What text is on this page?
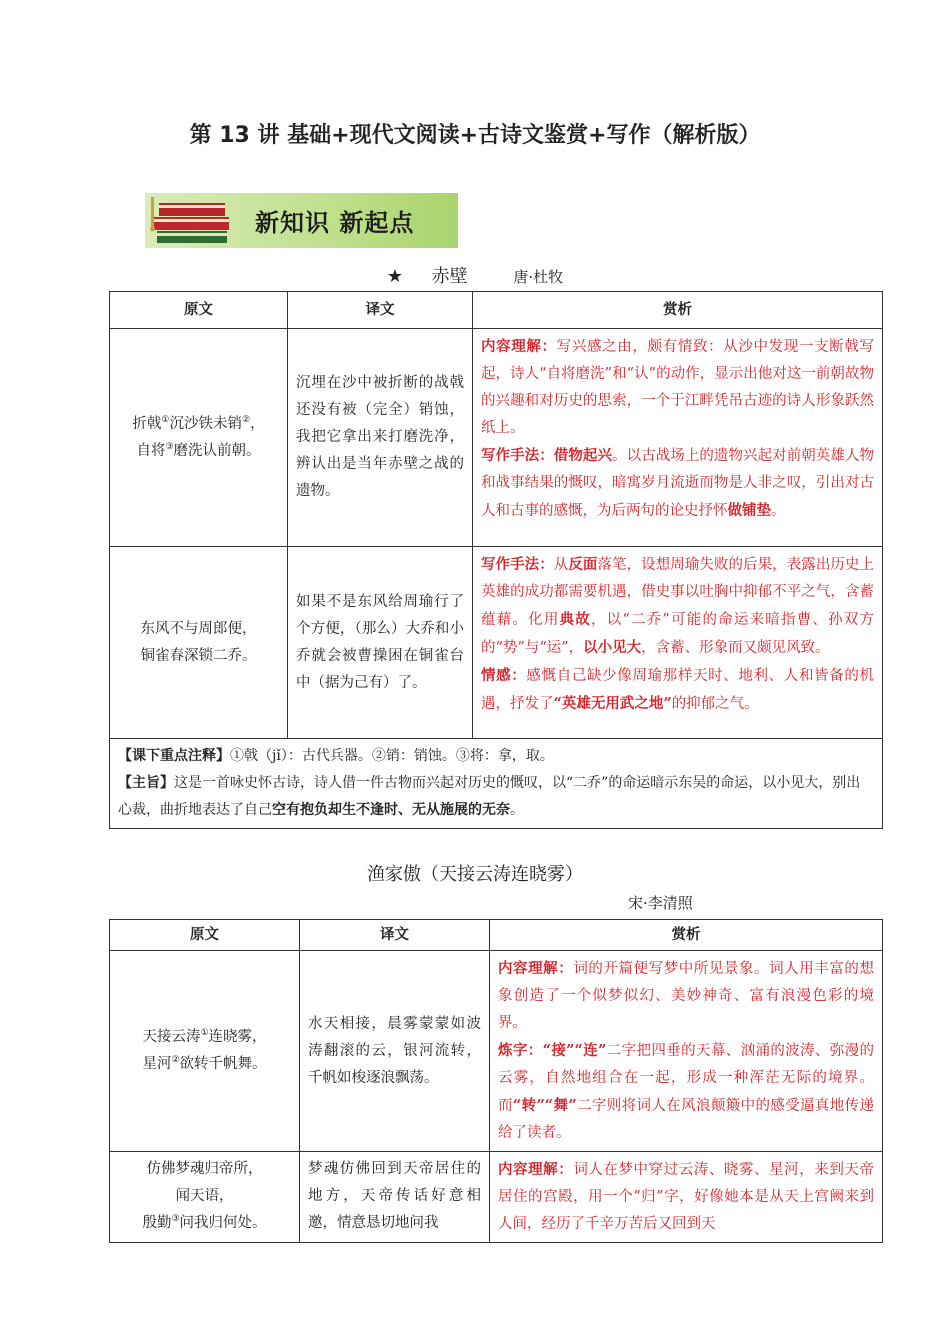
第 13 讲 基础+现代文阅读+古诗文鉴赏+写作（解析版）
新知识 新起点
★ 赤壁	唐·杜牧
原文	译文	赏析
折戟①沉沙铁未销②，
自将③磨洗认前朝。	沉埋在沙中被折断的战戟还没有被（完全）销蚀，我把它拿出来打磨洗净，辨认出是当年赤壁之战的遗物。	内容理解：写兴感之由，颇有情致：从沙中发现一支断戟写起，诗人“自将磨洗”和“认”的动作，显示出他对这一前朝故物的兴趣和对历史的思索，一个于江畔凭吊古迹的诗人形象跃然纸上。
写作手法：借物起兴。以古战场上的遗物兴起对前朝英雄人物和战事结果的慨叹，暗寓岁月流逝而物是人非之叹，引出对古人和古事的感慨，为后两句的论史抒怀做铺垫。
东风不与周郎便，
铜雀春深锁二乔。	如果不是东风给周瑜行了个方便，（那么）大乔和小乔就会被曹操困在铜雀台中（据为己有）了。	写作手法：从反面落笔，设想周瑜失败的后果，表露出历史上英雄的成功都需要机遇，借史事以吐胸中抑郁不平之气，含蓄蕴藉。化用典故，以“二乔”可能的命运来暗指曹、孙双方的“势”与“运”，以小见大，含蓄、形象而又颇见风致。
情感：感慨自己缺少像周瑜那样天时、地利、人和皆备的机遇，抒发了“英雄无用武之地”的抑郁之气。
【课下重点注释】①戟（jǐ）：古代兵器。②销：销蚀。③将：拿，取。
【主旨】这是一首咏史怀古诗，诗人借一件古物而兴起对历史的慨叹，以“二乔”的命运暗示东吴的命运，以小见大，别出心裁，曲折地表达了自己空有抱负却生不逢时、无从施展的无奈。		
渔家傲（天接云涛连晓雾）
宋·李清照
原文	译文	赏析
天接云涛①连晓雾，
星河②欲转千帆舞。	水天相接，晨雾蒙蒙如波涛翻滚的云，银河流转，千帆如梭逐浪飘荡。	内容理解：词的开篇便写梦中所见景象。词人用丰富的想象创造了一个似梦似幻、美妙神奇、富有浪漫色彩的境界。
炼字：“接”“连”二字把四垂的天幕、汹涌的波涛、弥漫的云雾，自然地组合在一起，形成一种浑茫无际的境界。而“转”“舞”二字则将词人在风浪颠簸中的感受逼真地传递给了读者。
仿佛梦魂归帝所，
闻天语，
殷勤③问我归何处。	梦魂仿佛回到天帝居住的地方，天帝传话好意相邀，情意恳切地问我	内容理解：词人在梦中穿过云涛、晓雾、星河，来到天帝居住的宫殿，用一个“归”字，好像她本是从天上宫阙来到人间，经历了千辛万苦后又回到天
